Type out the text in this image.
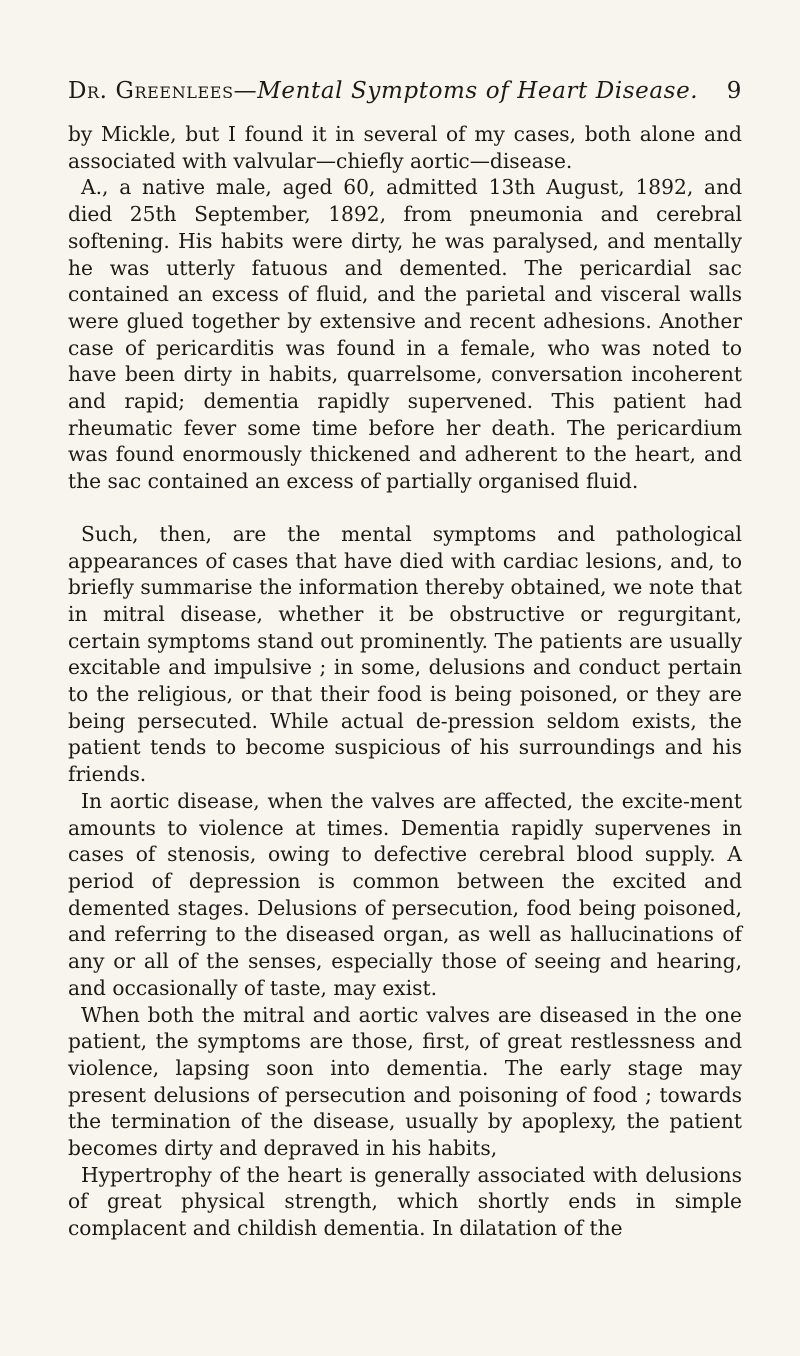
Dr. Greenlees — Mental Symptoms of Heart Disease. 9

by Mickle, but I found it in several of my cases, both alone and associated with valvular—chiefly aortic—disease.

A., a native male, aged 60, admitted 13th August, 1892, and died 25th September, 1892, from pneumonia and cerebral softening. His habits were dirty, he was paralysed, and mentally he was utterly fatuous and demented. The pericardial sac contained an excess of fluid, and the parietal and visceral walls were glued together by extensive and recent adhesions. Another case of pericarditis was found in a female, who was noted to have been dirty in habits, quarrelsome, conversation incoherent and rapid; dementia rapidly supervened. This patient had rheumatic fever some time before her death. The pericardium was found enormously thickened and adherent to the heart, and the sac contained an excess of partially organised fluid.

Such, then, are the mental symptoms and pathological appearances of cases that have died with cardiac lesions, and, to briefly summarise the information thereby obtained, we note that in mitral disease, whether it be obstructive or regurgitant, certain symptoms stand out prominently. The patients are usually excitable and impulsive ; in some, delusions and conduct pertain to the religious, or that their food is being poisoned, or they are being persecuted. While actual de-pression seldom exists, the patient tends to become suspicious of his surroundings and his friends.

In aortic disease, when the valves are affected, the excite-ment amounts to violence at times. Dementia rapidly supervenes in cases of stenosis, owing to defective cerebral blood supply. A period of depression is common between the excited and demented stages. Delusions of persecution, food being poisoned, and referring to the diseased organ, as well as hallucinations of any or all of the senses, especially those of seeing and hearing, and occasionally of taste, may exist.

When both the mitral and aortic valves are diseased in the one patient, the symptoms are those, first, of great restlessness and violence, lapsing soon into dementia. The early stage may present delusions of persecution and poisoning of food ; towards the termination of the disease, usually by apoplexy, the patient becomes dirty and depraved in his habits,

Hypertrophy of the heart is generally associated with delusions of great physical strength, which shortly ends in simple complacent and childish dementia. In dilatation of the
